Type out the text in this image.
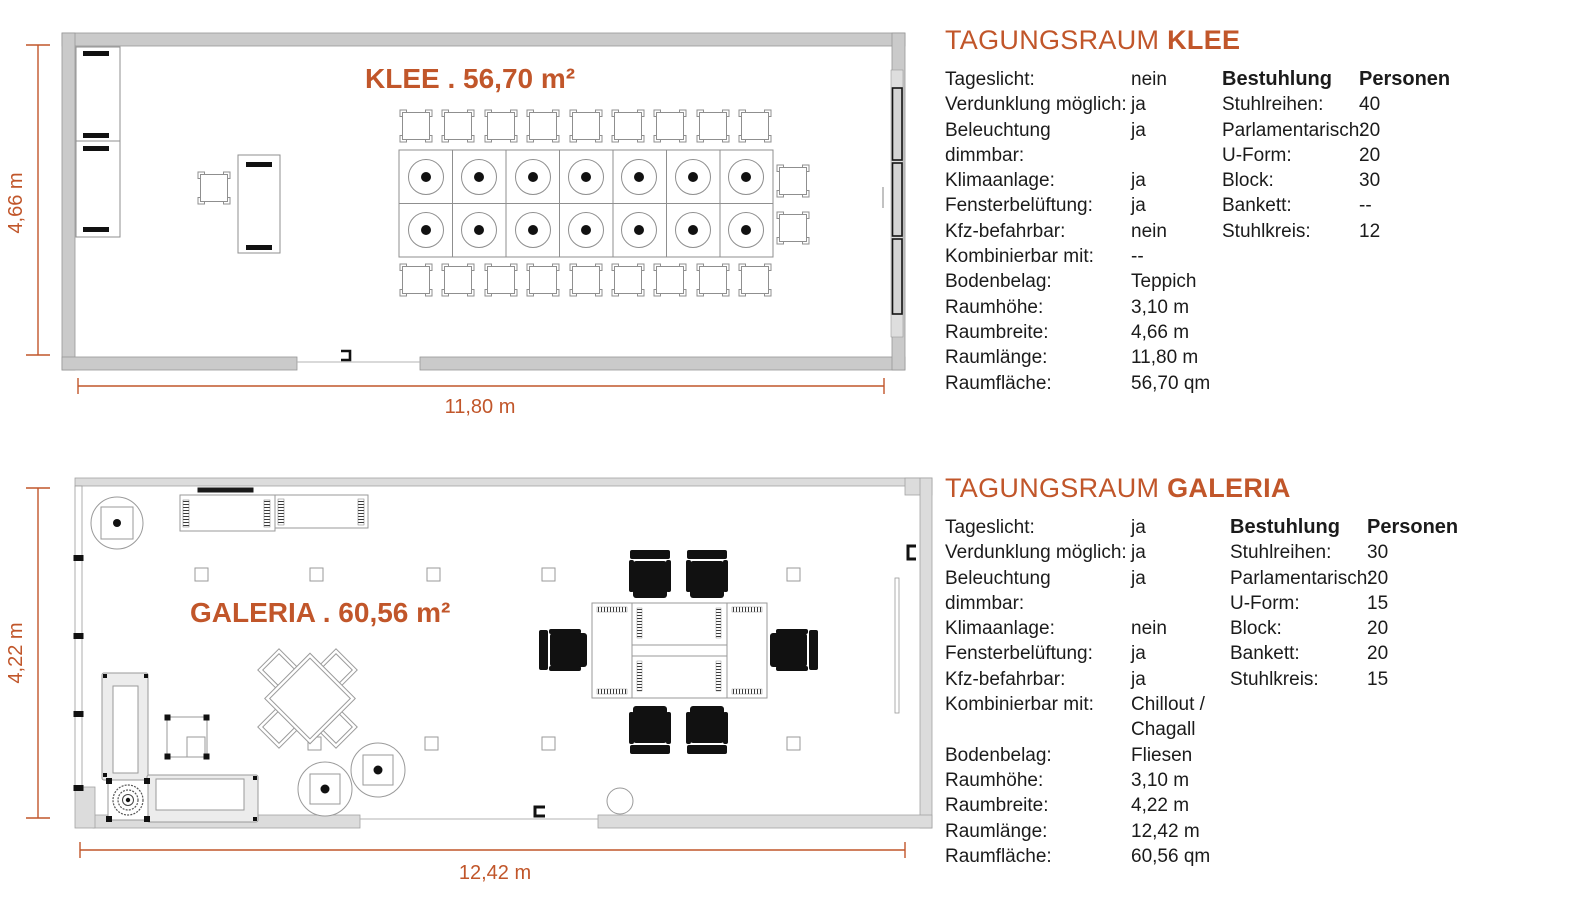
KLEE . 56,70 m²
4,66 m
11,80 m
GALERIA . 60,56 m²
4,22 m
12,42 m
TAGUNGSRAUM KLEE
Tageslicht:	nein
Verdunklung möglich: ja
Beleuchtung dimmbar:
ja
Klimaanlage:	ja
Fensterbelüftung:	ja
Kfz-befahrbar:	nein
Kombinierbar mit:	--
Bodenbelag:	Teppich
Raumhöhe:	3,10 m
Raumbreite:	4,66 m
Raumlänge:	11,80 m
Raumfläche:	56,70 qm
Bestuhlung	Personen
Stuhlreihen:	40
Parlamentarisch:
20
U-Form:	20
Block:	30
Bankett:	--
Stuhlkreis:	12
TAGUNGSRAUM GALERIA
Tageslicht:	ja
Verdunklung möglich: ja
Beleuchtung dimmbar:
ja
Klimaanlage:	nein
Fensterbelüftung:	ja
Kfz-befahrbar:	ja
Kombinierbar mit:	Chillout / Chagall
Bodenbelag:	Fliesen
Raumhöhe:	3,10 m
Raumbreite:	4,22 m
Raumlänge:	12,42 m
Raumfläche:	60,56 qm
Bestuhlung	Personen
Stuhlreihen:	30
Parlamentarisch:
20
U-Form:	15
Block:	20
Bankett:	20
Stuhlkreis:	15
